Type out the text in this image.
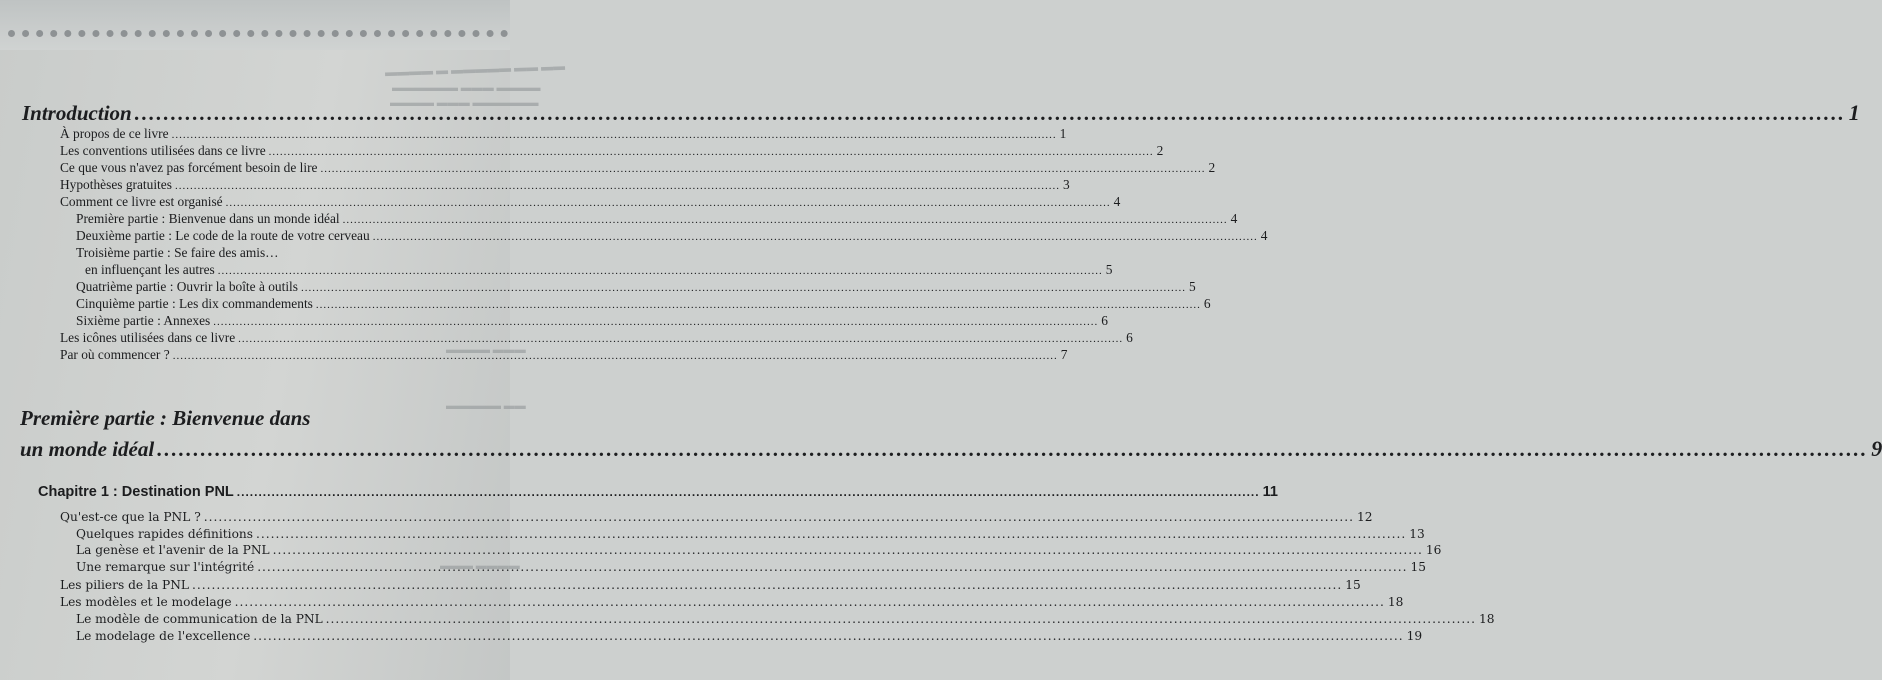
▬▬▬▬ ▬ ▬▬▬▬▬ ▬▬ ▬▬
▬▬▬▬▬▬ ▬▬▬ ▬▬▬▬
▬▬▬▬ ▬▬▬ ▬▬▬▬▬▬
▬▬▬▬ ▬▬▬
▬▬▬▬▬ ▬▬
▬▬▬ ▬▬▬▬
Introduction .....	1
À propos de ce livre .....	1
Les conventions utilisées dans ce livre .....	2
Ce que vous n'avez pas forcément besoin de lire .....	2
Hypothèses gratuites .....	3
Comment ce livre est organisé .....	4
Première partie : Bienvenue dans un monde idéal .....	4
Deuxième partie : Le code de la route de votre cerveau .....	4
Troisième partie : Se faire des amis…
en influençant les autres .....	5
Quatrième partie : Ouvrir la boîte à outils .....	5
Cinquième partie : Les dix commandements .....	6
Sixième partie : Annexes .....	6
Les icônes utilisées dans ce livre .....	6
Par où commencer ? .....	7
Première partie : Bienvenue dans
un monde idéal .....	9
Chapitre 1 : Destination PNL .....	11
Qu'est-ce que la PNL ? .....	12
Quelques rapides définitions .....	13
La genèse et l'avenir de la PNL .....	16
Une remarque sur l'intégrité .....	15
Les piliers de la PNL .....	15
Les modèles et le modelage .....	18
Le modèle de communication de la PNL .....	18
Le modelage de l'excellence .....	19
